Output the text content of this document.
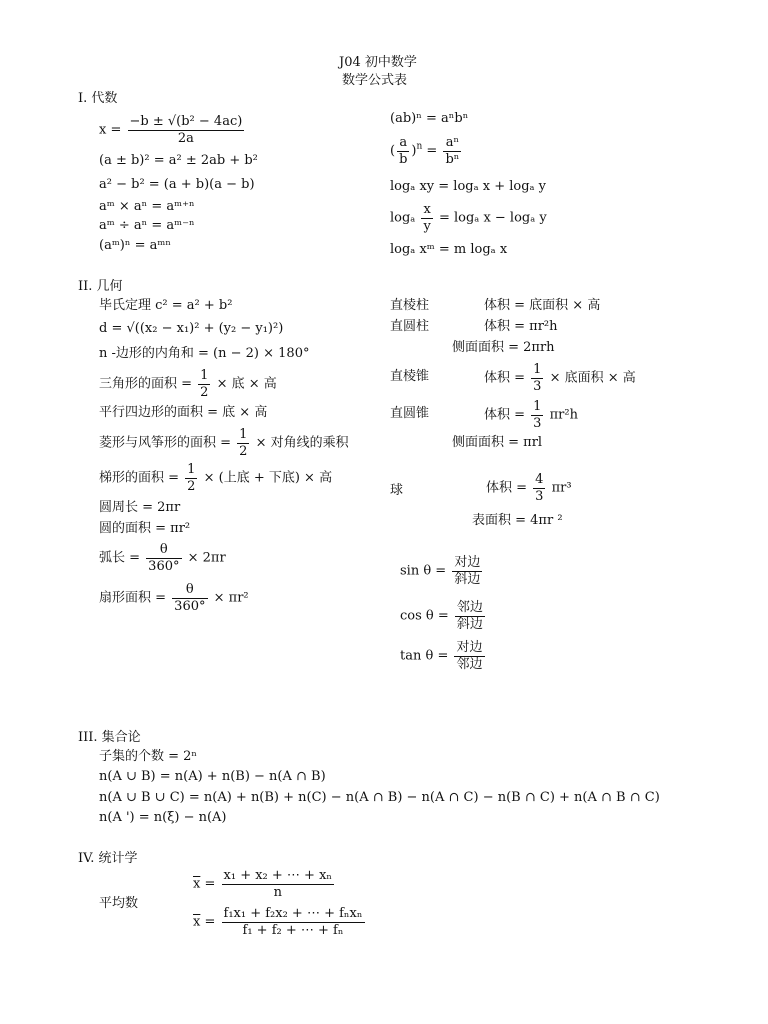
J04 初中数学
数学公式表
I. 代数
$x = \frac{\text{−b ± √(b² − 4ac)}}{2a}$
(a ± b)² = a² ± 2ab + b²
a² − b² = (a + b)(a − b)
aᵐ × aⁿ = aᵐ⁺ⁿ
aᵐ ÷ aⁿ = aᵐ⁻ⁿ
(aᵐ)ⁿ = aᵐⁿ
(ab)ⁿ = aⁿbⁿ
( $\frac{a}{b} )^n = \frac{\text{aⁿ}}{\text{bⁿ}}$
logₐ xy = logₐ x + logₐ y
logₐ $\frac{x}{y} = \log_a$ x − logₐ y
logₐ xᵐ = m logₐ x
II. 几何
毕氏定理 c² = a² + b²
d = √((x₂ − x₁)² + (y₂ − y₁)²)
n -边形的内角和 = (n − 2) × 180°
三角形的面积 = $\frac{1}{2}$ × 底 × 高
平行四边形的面积 = 底 × 高
菱形与风筝形的面积 = $\frac{1}{2}$ × 对角线的乘积
梯形的面积 = $\frac{1}{2}$ × (上底 + 下底) × 高
圆周长 = 2πr
圆的面积 = πr²
弧长 = $\frac{\theta}{360^\circ} \times 2\pi r$
扇形面积 = $\frac{\theta}{360^\circ} \times \pi r^2$
直棱柱	体积 = 底面积 × 高
直圆柱	体积 = πr²h
侧面面积 = 2πrh
直棱锥	体积 = $\frac{1}{3}$ × 底面积 × 高
直圆锥	体积 = $\frac{1}{3} \pi r^2h$
侧面面积 = πrl
球	体积 = $\frac{4}{3} \pi r^3$
表面积 = 4πr ²
$\sin \theta = \frac{\text{对边}}{\text{斜边}}$
$\cos \theta = \frac{\text{邻边}}{\text{斜边}}$
$\tan \theta = \frac{\text{对边}}{\text{邻边}}$
III. 集合论
子集的个数 = 2ⁿ
n(A ∪ B) = n(A) + n(B) − n(A ∩ B)
n(A ∪ B ∪ C) = n(A) + n(B) + n(C) − n(A ∩ B) − n(A ∩ C) − n(B ∩ C) + n(A ∩ B ∩ C)
n(A ') = n(ξ) − n(A)
IV. 统计学
平均数
$\overline{x} = \frac{\text{x₁ + x₂ + ⋯ + xₙ}}{n}$
$\overline{x} = \frac{\text{f₁x₁ + f₂x₂ + ⋯ + fₙxₙ}}{\text{f₁ + f₂ + ⋯ + fₙ}}$
